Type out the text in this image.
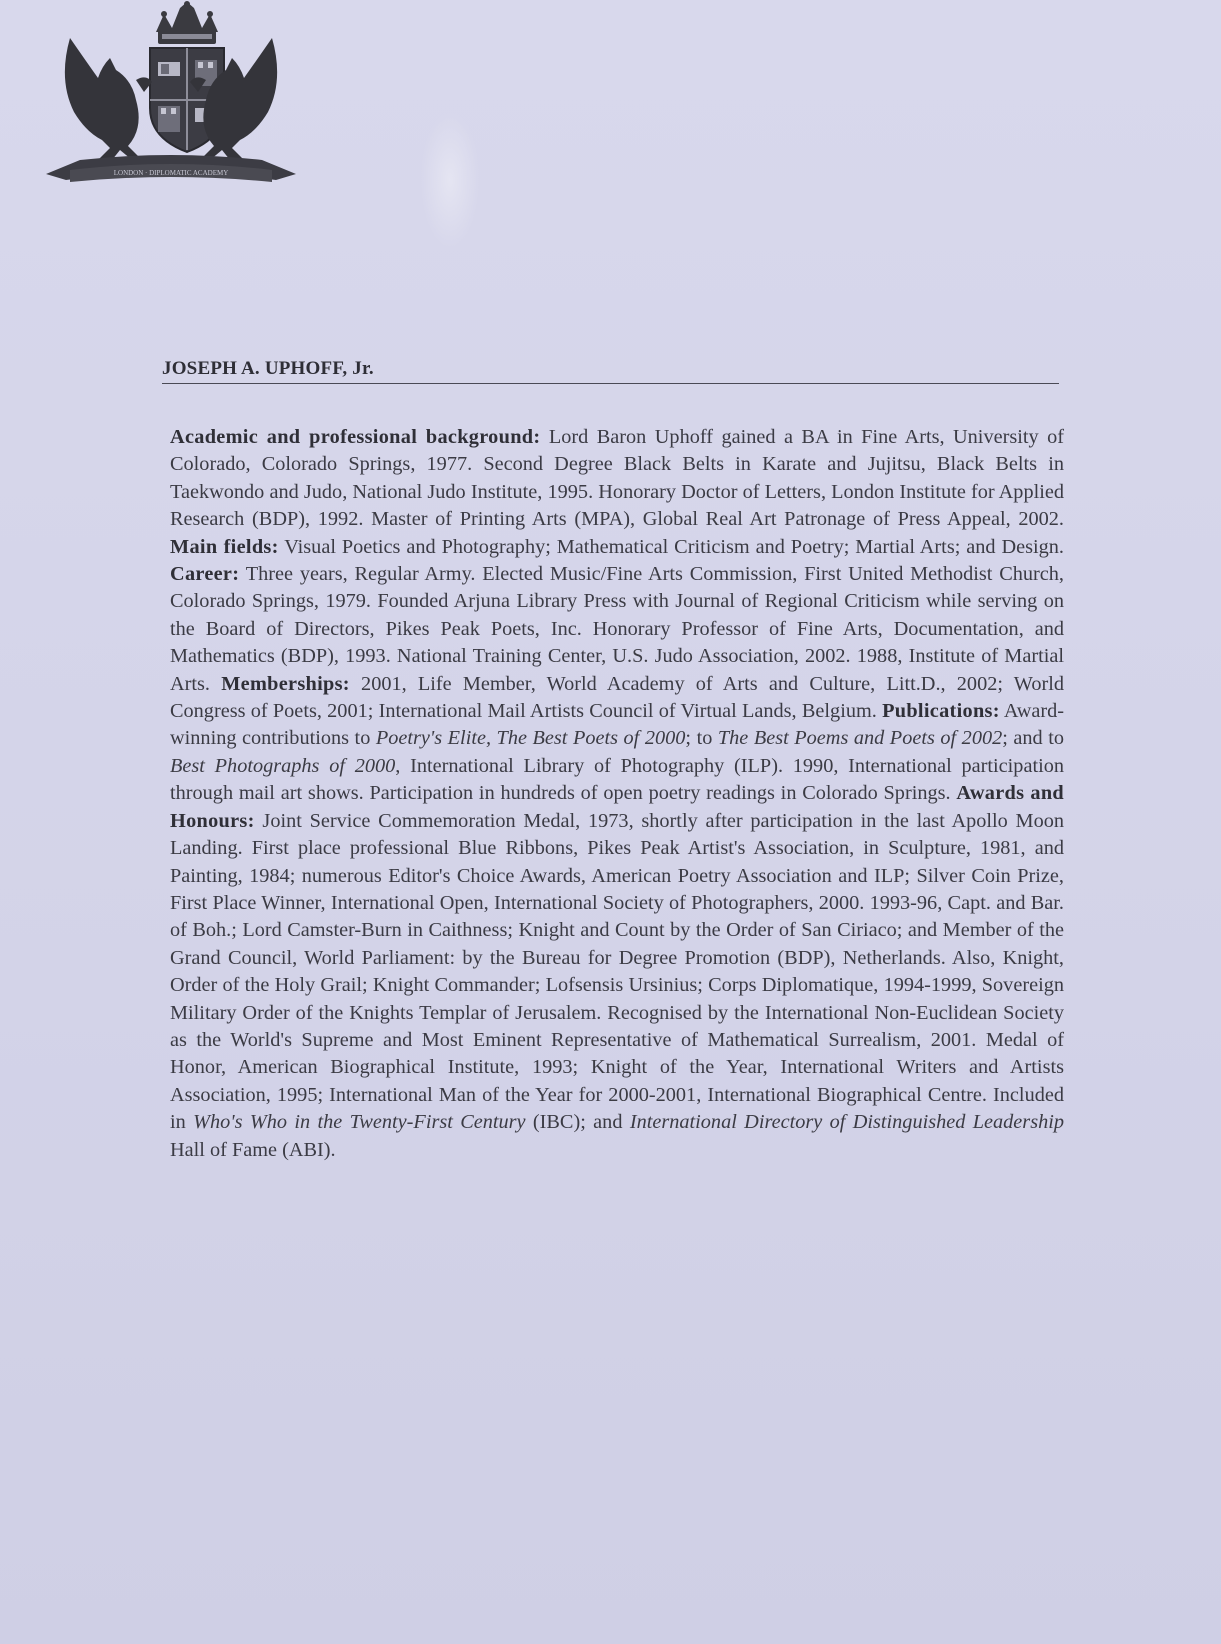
LONDON · DIPLOMATIC ACADEMY
JOSEPH A. UPHOFF, Jr.
Academic and professional background: Lord Baron Uphoff gained a BA in Fine Arts, University of Colorado, Colorado Springs, 1977. Second Degree Black Belts in Karate and Jujitsu, Black Belts in Taekwondo and Judo, National Judo Institute, 1995. Honorary Doctor of Letters, London Institute for Applied Research (BDP), 1992. Master of Printing Arts (MPA), Global Real Art Patronage of Press Appeal, 2002. Main fields: Visual Poetics and Photography; Mathematical Criticism and Poetry; Martial Arts; and Design. Career: Three years, Regular Army. Elected Music/Fine Arts Commission, First United Methodist Church, Colorado Springs, 1979. Founded Arjuna Library Press with Journal of Regional Criticism while serving on the Board of Directors, Pikes Peak Poets, Inc. Honorary Professor of Fine Arts, Documentation, and Mathematics (BDP), 1993. National Training Center, U.S. Judo Association, 2002. 1988, Institute of Martial Arts. Memberships: 2001, Life Member, World Academy of Arts and Culture, Litt.D., 2002; World Congress of Poets, 2001; International Mail Artists Council of Virtual Lands, Belgium. Publications: Award-winning contributions to Poetry's Elite, The Best Poets of 2000; to The Best Poems and Poets of 2002; and to Best Photographs of 2000, International Library of Photography (ILP). 1990, International participation through mail art shows. Participation in hundreds of open poetry readings in Colorado Springs. Awards and Honours: Joint Service Commemoration Medal, 1973, shortly after participation in the last Apollo Moon Landing. First place professional Blue Ribbons, Pikes Peak Artist's Association, in Sculpture, 1981, and Painting, 1984; numerous Editor's Choice Awards, American Poetry Association and ILP; Silver Coin Prize, First Place Winner, International Open, International Society of Photographers, 2000. 1993-96, Capt. and Bar. of Boh.; Lord Camster-Burn in Caithness; Knight and Count by the Order of San Ciriaco; and Member of the Grand Council, World Parliament: by the Bureau for Degree Promotion (BDP), Netherlands. Also, Knight, Order of the Holy Grail; Knight Commander; Lofsensis Ursinius; Corps Diplomatique, 1994-1999, Sovereign Military Order of the Knights Templar of Jerusalem. Recognised by the International Non-Euclidean Society as the World's Supreme and Most Eminent Representative of Mathematical Surrealism, 2001. Medal of Honor, American Biographical Institute, 1993; Knight of the Year, International Writers and Artists Association, 1995; International Man of the Year for 2000-2001, International Biographical Centre. Included in Who's Who in the Twenty-First Century (IBC); and International Directory of Distinguished Leadership Hall of Fame (ABI).
